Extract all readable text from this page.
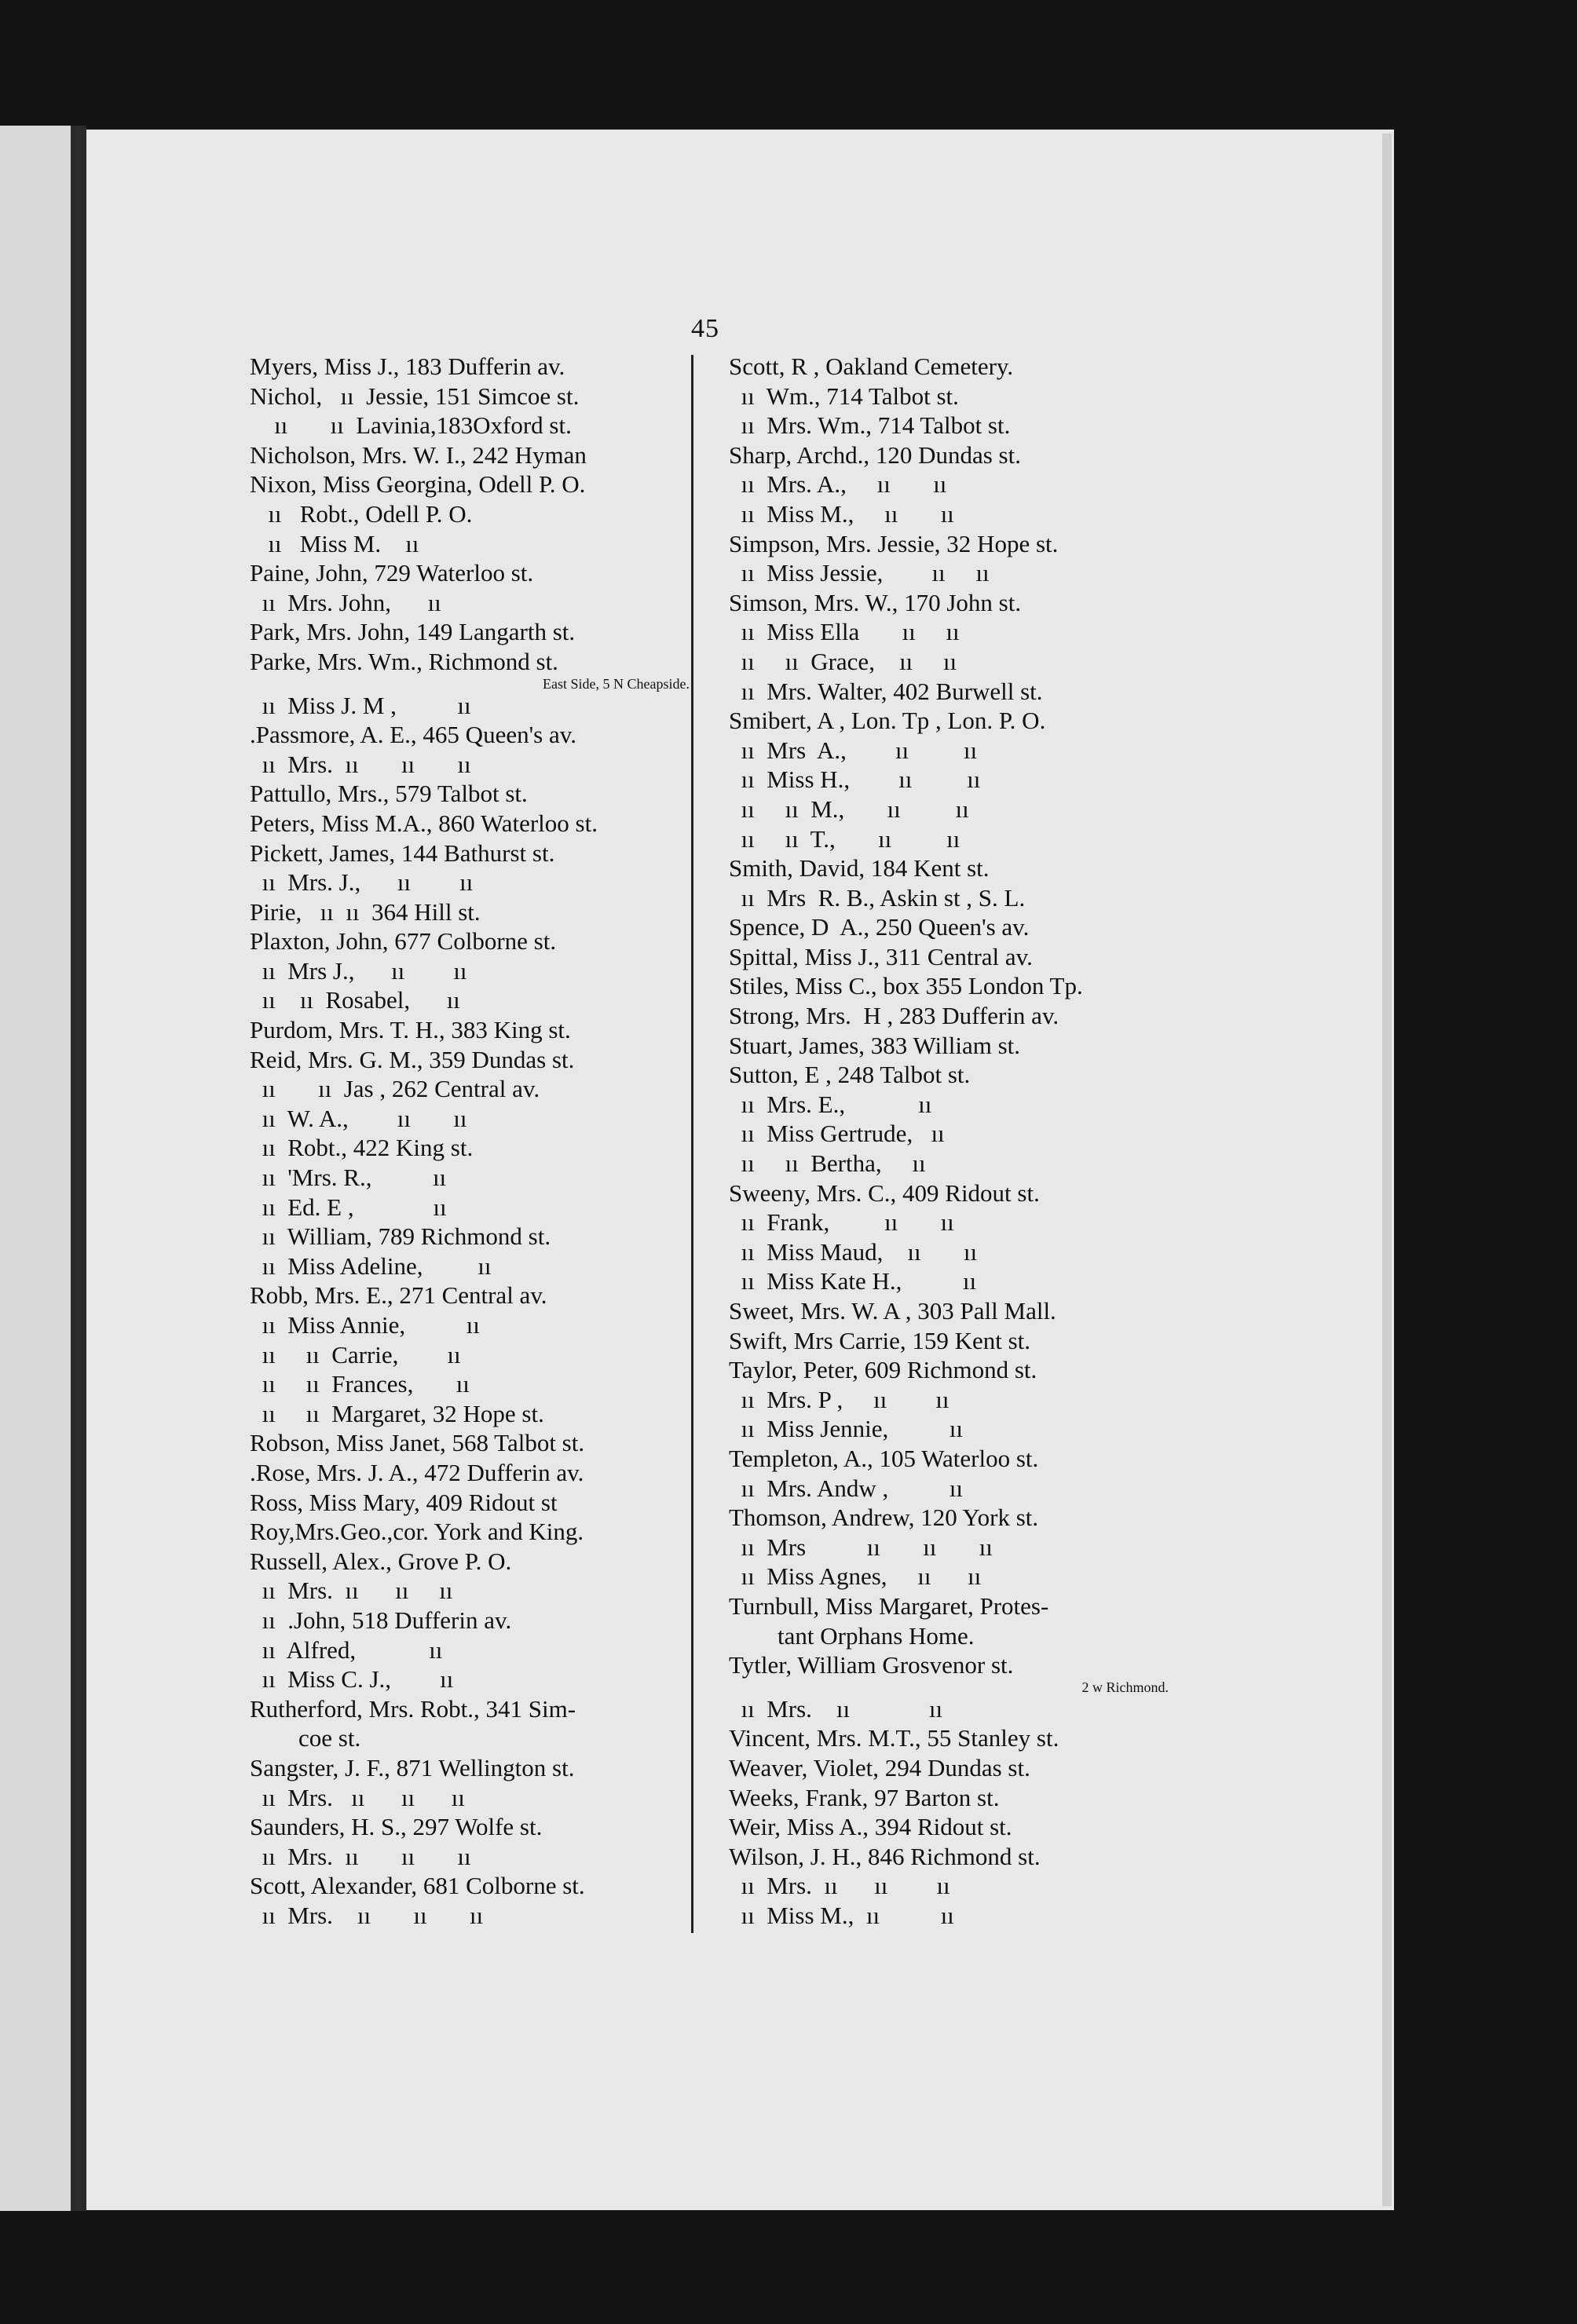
45
Myers, Miss J., 183 Dufferin av.
Nichol,   ıı  Jessie, 151 Simcoe st.
ıı       ıı  Lavinia,183Oxford st.
Nicholson, Mrs. W. I., 242 Hyman
Nixon, Miss Georgina, Odell P. O.
ıı   Robt., Odell P. O.
ıı   Miss M.    ıı
Paine, John, 729 Waterloo st.
ıı  Mrs. John,      ıı
Park, Mrs. John, 149 Langarth st.
Parke, Mrs. Wm., Richmond st.
East Side, 5 N Cheapside.
ıı  Miss J. M ,          ıı
.Passmore, A. E., 465 Queen's av.
ıı  Mrs.  ıı       ıı       ıı
Pattullo, Mrs., 579 Talbot st.
Peters, Miss M.A., 860 Waterloo st.
Pickett, James, 144 Bathurst st.
ıı  Mrs. J.,      ıı        ıı
Pirie,   ıı  ıı  364 Hill st.
Plaxton, John, 677 Colborne st.
ıı  Mrs J.,      ıı        ıı
ıı    ıı  Rosabel,      ıı
Purdom, Mrs. T. H., 383 King st.
Reid, Mrs. G. M., 359 Dundas st.
ıı       ıı  Jas , 262 Central av.
ıı  W. A.,        ıı       ıı
ıı  Robt., 422 King st.
ıı  'Mrs. R.,          ıı
ıı  Ed. E ,             ıı
ıı  William, 789 Richmond st.
ıı  Miss Adeline,         ıı
Robb, Mrs. E., 271 Central av.
ıı  Miss Annie,          ıı
ıı     ıı  Carrie,        ıı
ıı     ıı  Frances,       ıı
ıı     ıı  Margaret, 32 Hope st.
Robson, Miss Janet, 568 Talbot st.
.Rose, Mrs. J. A., 472 Dufferin av.
Ross, Miss Mary, 409 Ridout st
Roy,Mrs.Geo.,cor. York and King.
Russell, Alex., Grove P. O.
ıı  Mrs.  ıı      ıı     ıı
ıı  .John, 518 Dufferin av.
ıı  Alfred,            ıı
ıı  Miss C. J.,        ıı
Rutherford, Mrs. Robt., 341 Sim-
coe st.
Sangster, J. F., 871 Wellington st.
ıı  Mrs.   ıı      ıı      ıı
Saunders, H. S., 297 Wolfe st.
ıı  Mrs.  ıı       ıı       ıı
Scott, Alexander, 681 Colborne st.
ıı  Mrs.    ıı       ıı       ıı
Scott, R , Oakland Cemetery.
ıı  Wm., 714 Talbot st.
ıı  Mrs. Wm., 714 Talbot st.
Sharp, Archd., 120 Dundas st.
ıı  Mrs. A.,     ıı       ıı
ıı  Miss M.,     ıı       ıı
Simpson, Mrs. Jessie, 32 Hope st.
ıı  Miss Jessie,        ıı     ıı
Simson, Mrs. W., 170 John st.
ıı  Miss Ella       ıı     ıı
ıı     ıı  Grace,    ıı     ıı
ıı  Mrs. Walter, 402 Burwell st.
Smibert, A , Lon. Tp , Lon. P. O.
ıı  Mrs  A.,        ıı         ıı
ıı  Miss H.,        ıı         ıı
ıı     ıı  M.,       ıı         ıı
ıı     ıı  T.,       ıı         ıı
Smith, David, 184 Kent st.
ıı  Mrs  R. B., Askin st , S. L.
Spence, D  A., 250 Queen's av.
Spittal, Miss J., 311 Central av.
Stiles, Miss C., box 355 London Tp.
Strong, Mrs.  H , 283 Dufferin av.
Stuart, James, 383 William st.
Sutton, E , 248 Talbot st.
ıı  Mrs. E.,            ıı
ıı  Miss Gertrude,   ıı
ıı     ıı  Bertha,     ıı
Sweeny, Mrs. C., 409 Ridout st.
ıı  Frank,         ıı       ıı
ıı  Miss Maud,    ıı       ıı
ıı  Miss Kate H.,          ıı
Sweet, Mrs. W. A , 303 Pall Mall.
Swift, Mrs Carrie, 159 Kent st.
Taylor, Peter, 609 Richmond st.
ıı  Mrs. P ,     ıı        ıı
ıı  Miss Jennie,          ıı
Templeton, A., 105 Waterloo st.
ıı  Mrs. Andw ,          ıı
Thomson, Andrew, 120 York st.
ıı  Mrs          ıı       ıı       ıı
ıı  Miss Agnes,     ıı      ıı
Turnbull, Miss Margaret, Protes-
tant Orphans Home.
Tytler, William Grosvenor st.
2 w Richmond.
ıı  Mrs.    ıı             ıı
Vincent, Mrs. M.T., 55 Stanley st.
Weaver, Violet, 294 Dundas st.
Weeks, Frank, 97 Barton st.
Weir, Miss A., 394 Ridout st.
Wilson, J. H., 846 Richmond st.
ıı  Mrs.  ıı      ıı        ıı
ıı  Miss M.,  ıı          ıı
